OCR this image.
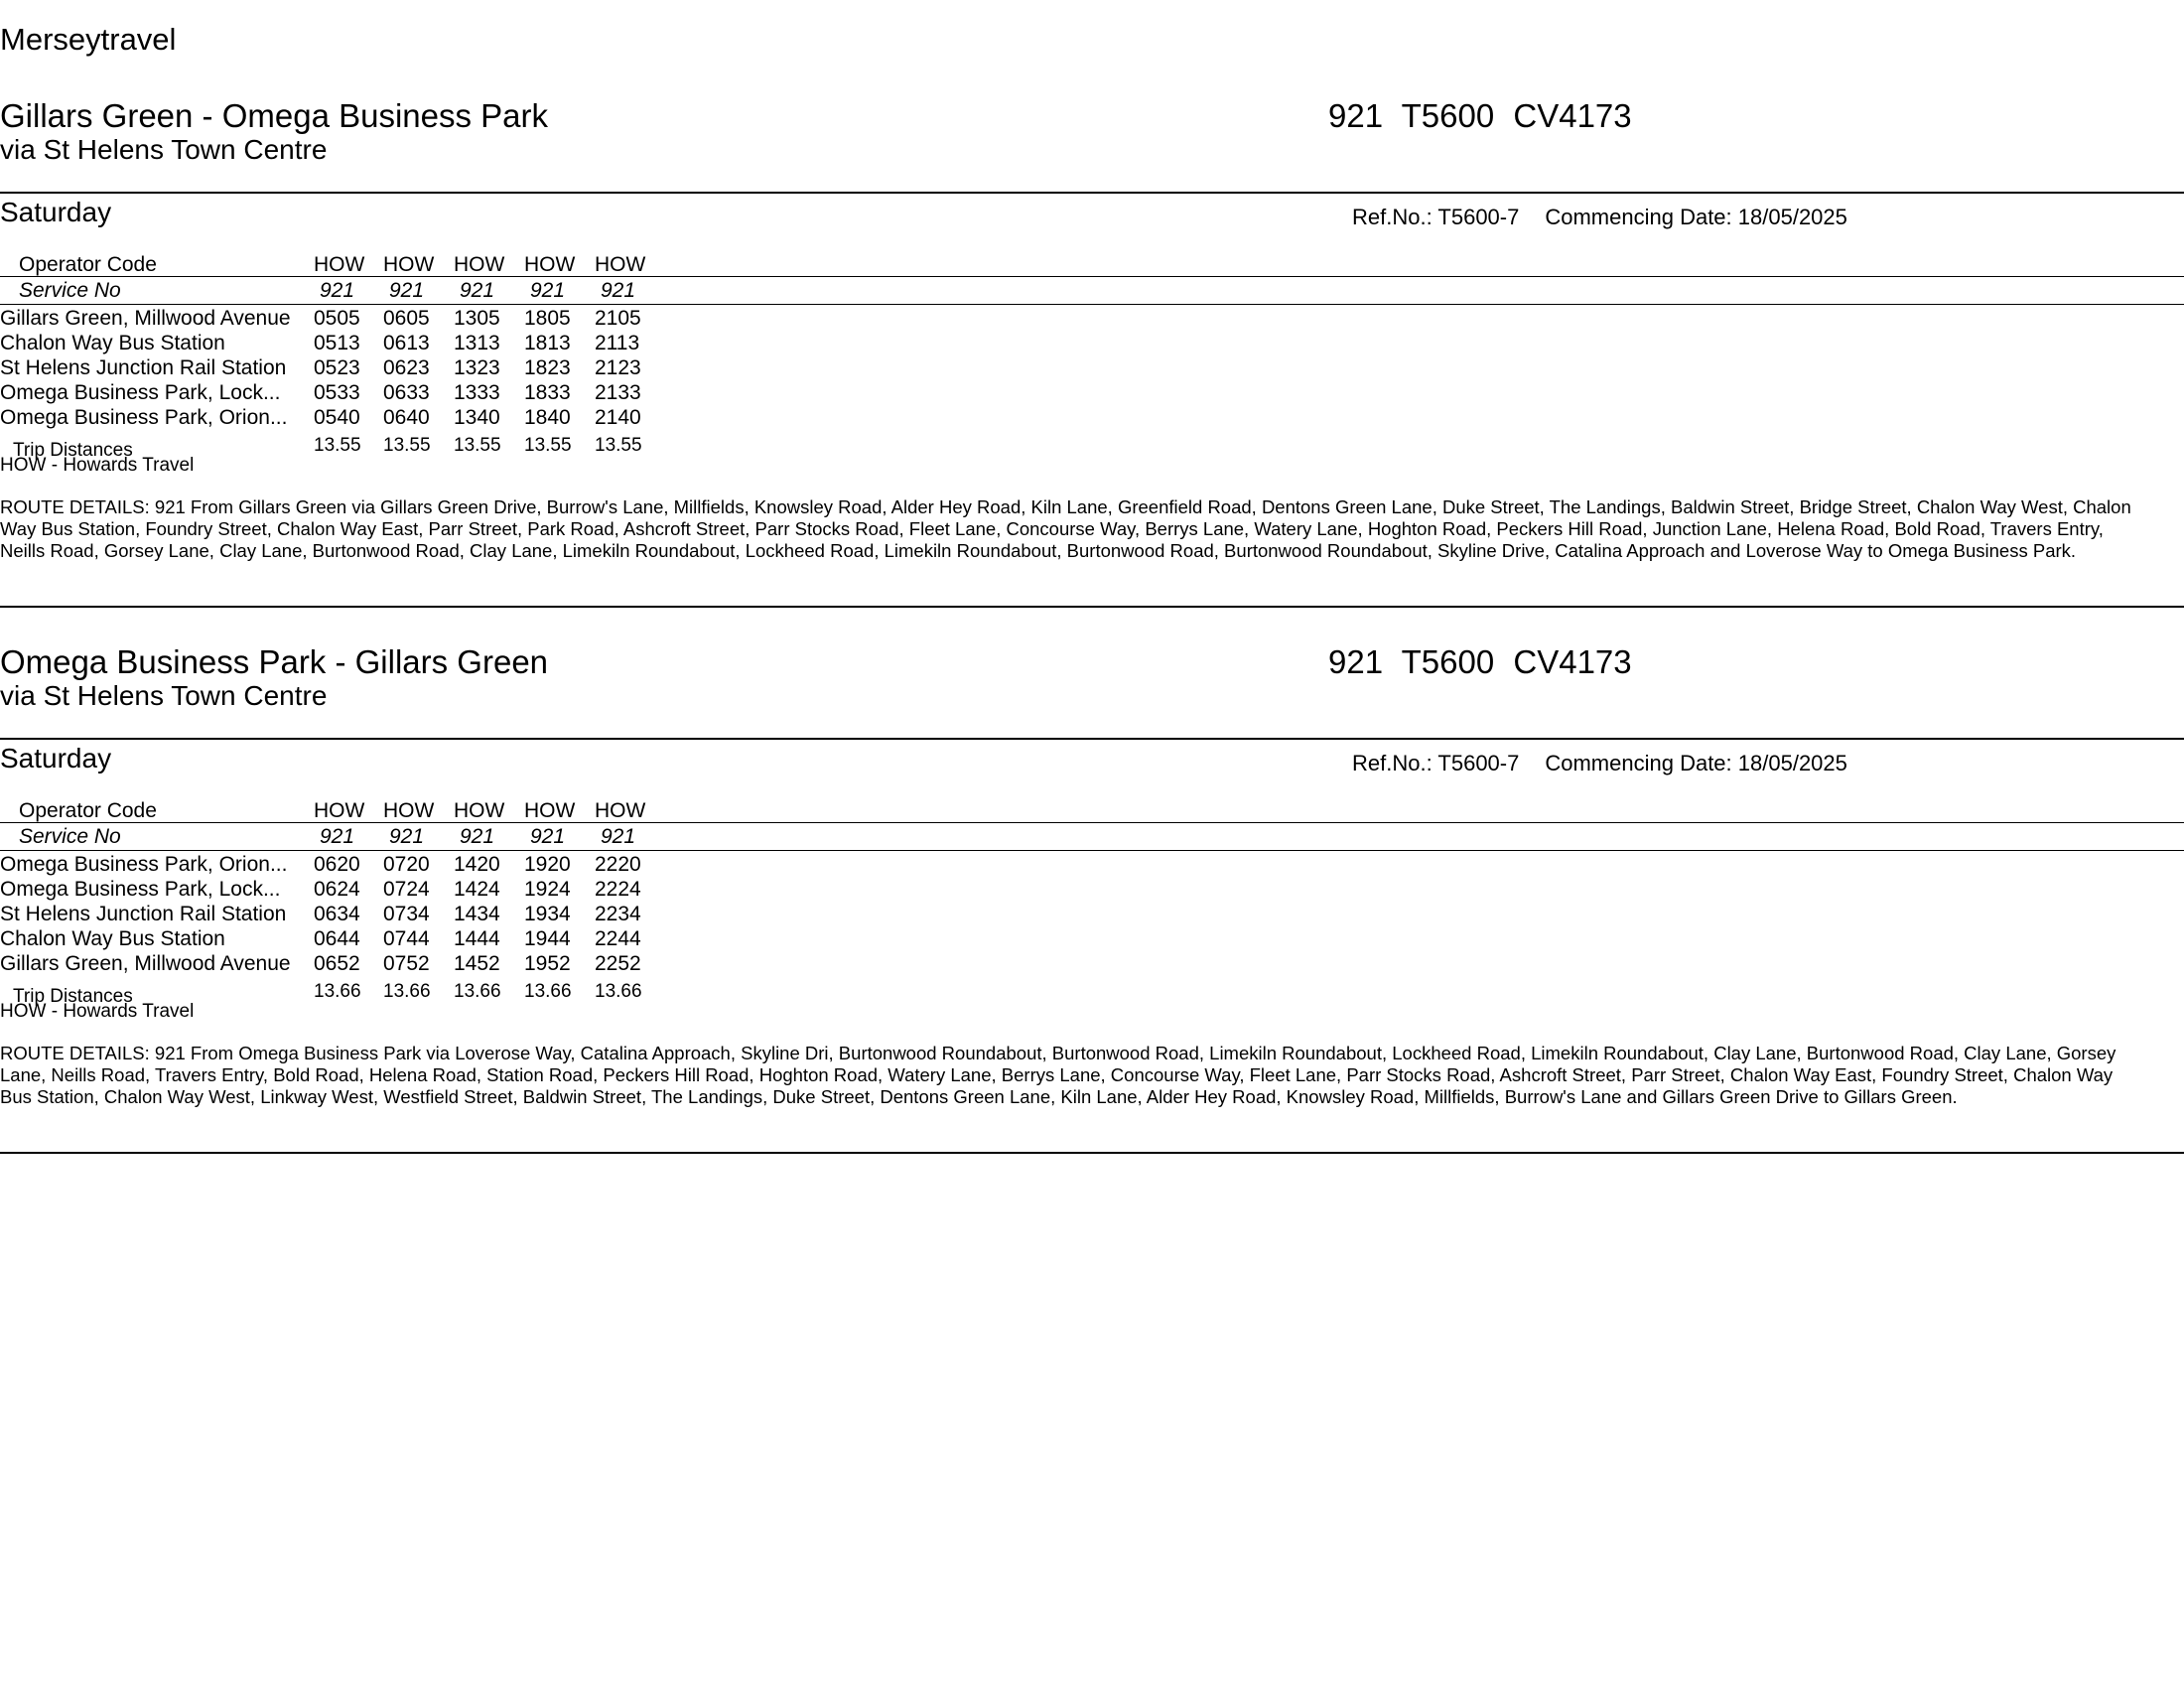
Merseytravel
Gillars Green - Omega Business Park
via St Helens Town Centre
921 T5600 CV4173
Saturday	Ref.No.: T5600-7 Commencing Date: 18/05/2025
Operator Code	HOW HOW HOW HOW HOW
Service No	921 921 921 921 921
Gillars Green, Millwood Avenue 0505 0605 1305 1805 2105
Chalon Way Bus Station	0513 0613 1313 1813 2113
St Helens Junction Rail Station 0523 0623 1323 1823 2123
Omega Business Park, Lock... 0533 0633 1333 1833 2133
Omega Business Park, Orion... 0540 0640 1340 1840 2140
Trip Distances	13.55 13.55 13.55 13.55 13.55
HOW - Howards Travel
ROUTE DETAILS: 921 From Gillars Green via Gillars Green Drive, Burrow's Lane, Millfields, Knowsley Road, Alder Hey Road, Kiln Lane, Greenfield Road, Dentons Green Lane, Duke Street, The Landings, Baldwin Street, Bridge Street, Chalon Way West, Chalon Way Bus Station, Foundry Street, Chalon Way East, Parr Street, Park Road, Ashcroft Street, Parr Stocks Road, Fleet Lane, Concourse Way, Berrys Lane, Watery Lane, Hoghton Road, Peckers Hill Road, Junction Lane, Helena Road, Bold Road, Travers Entry, Neills Road, Gorsey Lane, Clay Lane, Burtonwood Road, Clay Lane, Limekiln Roundabout, Lockheed Road, Limekiln Roundabout, Burtonwood Road, Burtonwood Roundabout, Skyline Drive, Catalina Approach and Loverose Way to Omega Business Park.
Omega Business Park - Gillars Green
via St Helens Town Centre
921 T5600 CV4173
Saturday	Ref.No.: T5600-7 Commencing Date: 18/05/2025
Operator Code	HOW HOW HOW HOW HOW
Service No	921 921 921 921 921
Omega Business Park, Orion... 0620 0720 1420 1920 2220
Omega Business Park, Lock... 0624 0724 1424 1924 2224
St Helens Junction Rail Station 0634 0734 1434 1934 2234
Chalon Way Bus Station	0644 0744 1444 1944 2244
Gillars Green, Millwood Avenue 0652 0752 1452 1952 2252
Trip Distances	13.66 13.66 13.66 13.66 13.66
HOW - Howards Travel
ROUTE DETAILS: 921 From Omega Business Park via Loverose Way, Catalina Approach, Skyline Dri, Burtonwood Roundabout, Burtonwood Road, Limekiln Roundabout, Lockheed Road, Limekiln Roundabout, Clay Lane, Burtonwood Road, Clay Lane, Gorsey Lane, Neills Road, Travers Entry, Bold Road, Helena Road, Station Road, Peckers Hill Road, Hoghton Road, Watery Lane, Berrys Lane, Concourse Way, Fleet Lane, Parr Stocks Road, Ashcroft Street, Parr Street, Chalon Way East, Foundry Street, Chalon Way Bus Station, Chalon Way West, Linkway West, Westfield Street, Baldwin Street, The Landings, Duke Street, Dentons Green Lane, Kiln Lane, Alder Hey Road, Knowsley Road, Millfields, Burrow's Lane and Gillars Green Drive to Gillars Green.
